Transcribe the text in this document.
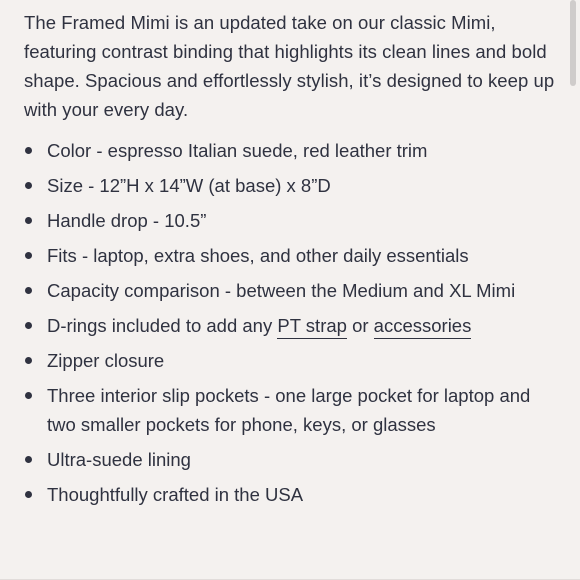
The Framed Mimi is an updated take on our classic Mimi, featuring contrast binding that highlights its clean lines and bold shape. Spacious and effortlessly stylish, it’s designed to keep up with your every day.

Color - espresso Italian suede, red leather trim
Size - 12”H x 14”W (at base) x 8”D
Handle drop - 10.5”
Fits - laptop, extra shoes, and other daily essentials
Capacity comparison - between the Medium and XL Mimi
D-rings included to add any PT strap or accessories
Zipper closure
Three interior slip pockets - one large pocket for laptop and two smaller pockets for phone, keys, or glasses
Ultra-suede lining
Thoughtfully crafted in the USA
